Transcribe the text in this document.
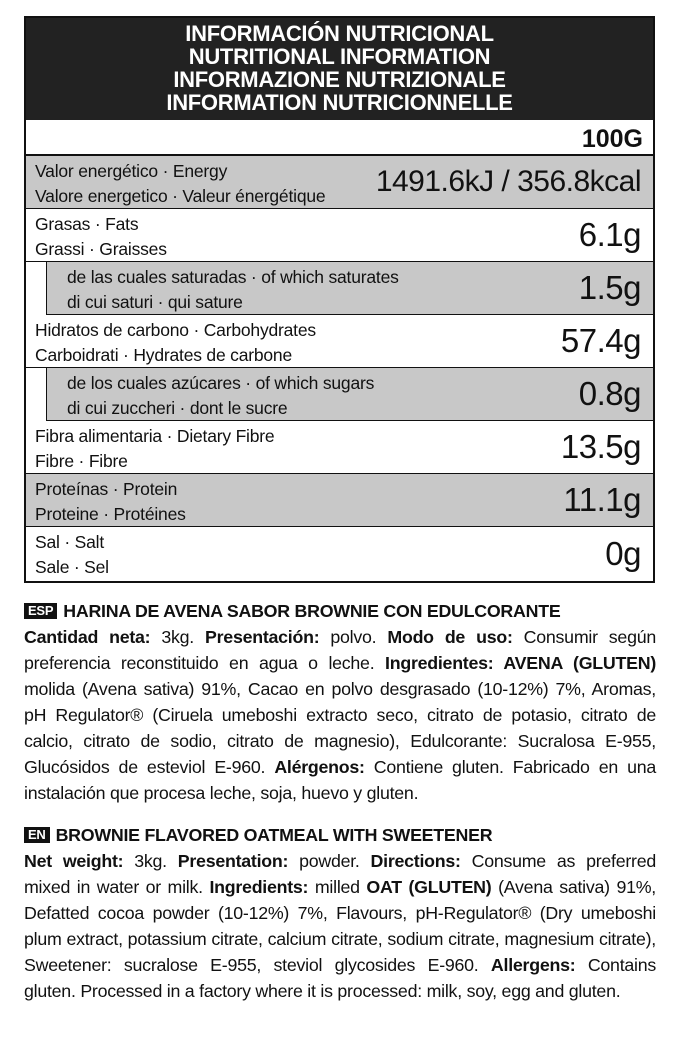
INFORMACIÓN NUTRICIONAL
NUTRITIONAL INFORMATION
INFORMAZIONE NUTRIZIONALE
INFORMATION NUTRICIONNELLE
100G
Valor energético · Energy
Valore energetico · Valeur énergétique 1491.6kJ / 356.8kcal
Grasas · Fats
Grassi · Graisses	6.1g
de las cuales saturadas · of which saturates
di cui saturi · qui sature	1.5g
Hidratos de carbono · Carbohydrates
Carboidrati · Hydrates de carbone	57.4g
de los cuales azúcares · of which sugars
di cui zuccheri · dont le sucre	0.8g
Fibra alimentaria · Dietary Fibre
Fibre · Fibre	13.5g
Proteínas · Protein
Proteine · Protéines	11.1g
Sal · Salt
Sale · Sel	0g
ESP HARINA DE AVENA SABOR BROWNIE CON EDULCORANTE

Cantidad neta: 3kg. Presentación: polvo. Modo de uso: Consumir según preferencia reconstituido en agua o leche. Ingredientes: AVENA (GLUTEN) molida (Avena sativa) 91%, Cacao en polvo desgrasado (10-12%) 7%, Aromas, pH Regulator® (Ciruela umeboshi extracto seco, citrato de potasio, citrato de calcio, citrato de sodio, citrato de magnesio), Edulcorante: Sucralosa E-955, Glucósidos de esteviol E-960. Alérgenos: Contiene gluten. Fabricado en una instalación que procesa leche, soja, huevo y gluten.

EN BROWNIE FLAVORED OATMEAL WITH SWEETENER

Net weight: 3kg. Presentation: powder. Directions: Consume as preferred mixed in water or milk. Ingredients: milled OAT (GLUTEN) (Avena sativa) 91%, Defatted cocoa powder (10-12%) 7%, Flavours, pH-Regulator® (Dry umeboshi plum extract, potassium citrate, calcium citrate, sodium citrate, magnesium citrate), Sweetener: sucralose E-955, steviol glycosides E-960. Allergens: Contains gluten. Processed in a factory where it is processed: milk, soy, egg and gluten.
